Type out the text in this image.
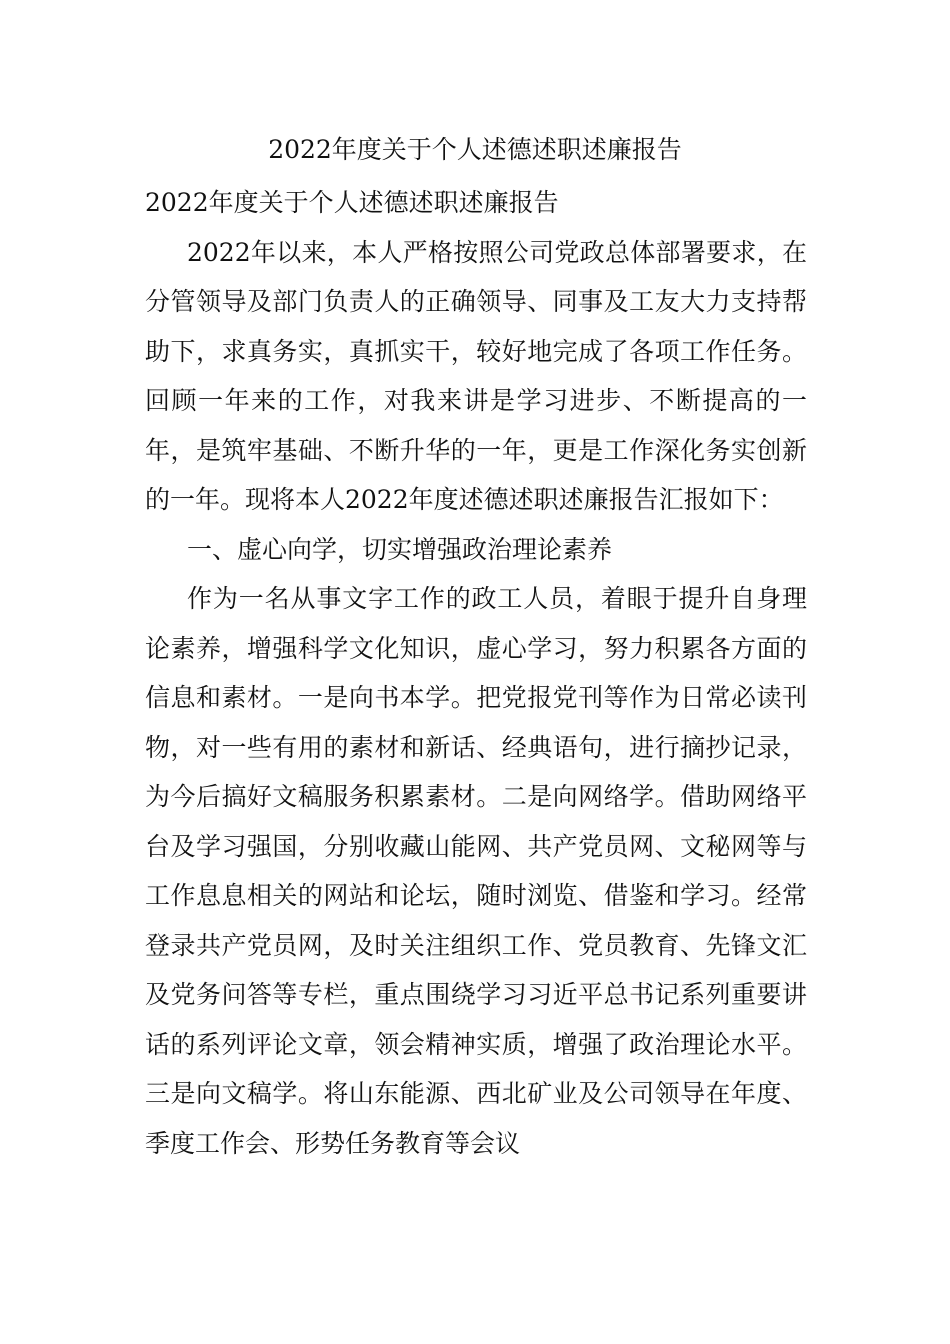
2022年度关于个人述德述职述廉报告

2022年度关于个人述德述职述廉报告

2022年以来，本人严格按照公司党政总体部署要求，在分管领导及部门负责人的正确领导、同事及工友大力支持帮助下，求真务实，真抓实干，较好地完成了各项工作任务。回顾一年来的工作，对我来讲是学习进步、不断提高的一年，是筑牢基础、不断升华的一年，更是工作深化务实创新的一年。现将本人2022年度述德述职述廉报告汇报如下：

一、虚心向学，切实增强政治理论素养

作为一名从事文字工作的政工人员，着眼于提升自身理论素养，增强科学文化知识，虚心学习，努力积累各方面的信息和素材。一是向书本学。把党报党刊等作为日常必读刊物，对一些有用的素材和新话、经典语句，进行摘抄记录，为今后搞好文稿服务积累素材。二是向网络学。借助网络平台及学习强国，分别收藏山能网、共产党员网、文秘网等与工作息息相关的网站和论坛，随时浏览、借鉴和学习。经常登录共产党员网，及时关注组织工作、党员教育、先锋文汇及党务问答等专栏，重点围绕学习习近平总书记系列重要讲话的系列评论文章，领会精神实质，增强了政治理论水平。三是向文稿学。将山东能源、西北矿业及公司领导在年度、季度工作会、形势任务教育等会议
